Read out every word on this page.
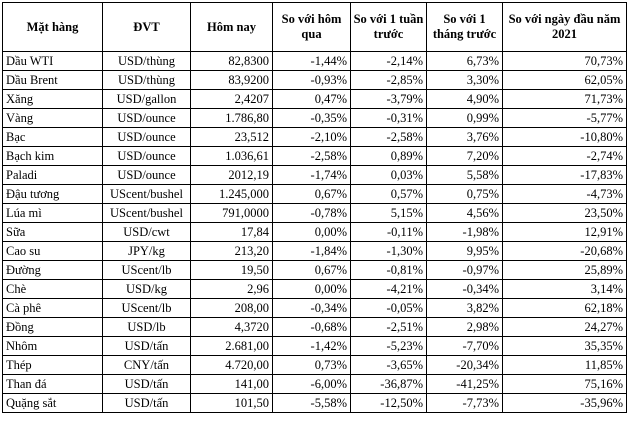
Mặt hàng	ĐVT	Hôm nay	So với hôm qua	So với 1 tuần trước	So với 1 tháng trước	So với ngày đầu năm 2021
Dầu WTI	USD/thùng	82,8300	-1,44%	-2,14%	6,73%	70,73%
Dầu Brent	USD/thùng	83,9200	-0,93%	-2,85%	3,30%	62,05%
Xăng	USD/gallon	2,4207	0,47%	-3,79%	4,90%	71,73%
Vàng	USD/ounce	1.786,80	-0,35%	-0,31%	0,99%	-5,77%
Bạc	USD/ounce	23,512	-2,10%	-2,58%	3,76%	-10,80%
Bạch kim	USD/ounce	1.036,61	-2,58%	0,89%	7,20%	-2,74%
Paladi	USD/ounce	2012,19	-1,74%	0,03%	5,58%	-17,83%
Đậu tương	UScent/bushel	1.245,000	0,67%	0,57%	0,75%	-4,73%
Lúa mì	UScent/bushel	791,0000	-0,78%	5,15%	4,56%	23,50%
Sữa	USD/cwt	17,84	0,00%	-0,11%	-1,98%	12,91%
Cao su	JPY/kg	213,20	-1,84%	-1,30%	9,95%	-20,68%
Đường	UScent/lb	19,50	0,67%	-0,81%	-0,97%	25,89%
Chè	USD/kg	2,96	0,00%	-4,21%	-0,34%	3,14%
Cà phê	UScent/lb	208,00	-0,34%	-0,05%	3,82%	62,18%
Đồng	USD/lb	4,3720	-0,68%	-2,51%	2,98%	24,27%
Nhôm	USD/tấn	2.681,00	-1,42%	-5,23%	-7,70%	35,35%
Thép	CNY/tấn	4.720,00	0,73%	-3,65%	-20,34%	11,85%
Than đá	USD/tấn	141,00	-6,00%	-36,87%	-41,25%	75,16%
Quặng sắt	USD/tấn	101,50	-5,58%	-12,50%	-7,73%	-35,96%
